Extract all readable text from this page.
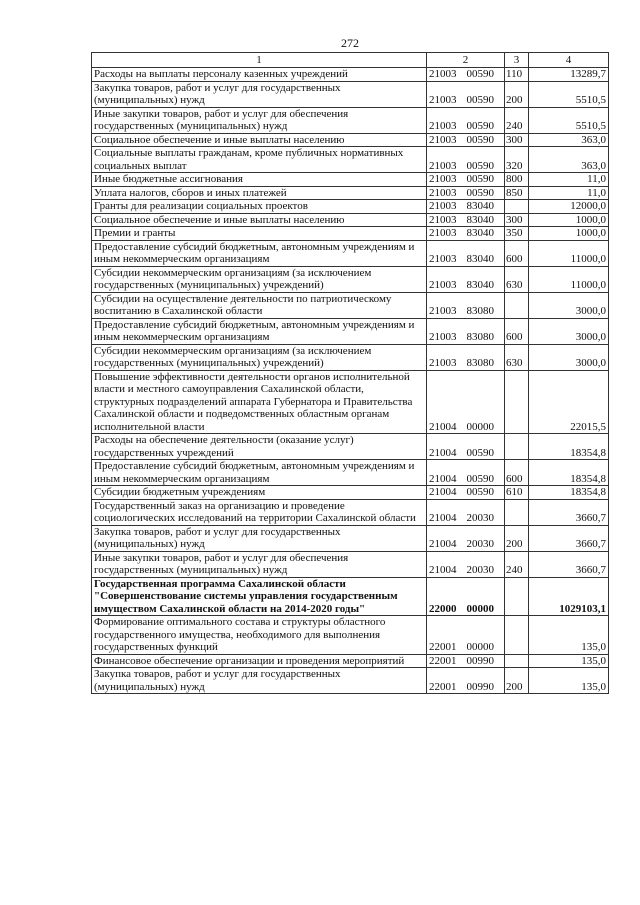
272
1	2	3	4
Расходы на выплаты персоналу казенных учреждений	21003 00590	110	13289,7
Закупка товаров, работ и услуг для государственных (муниципальных) нужд	21003 00590	200	5510,5
Иные закупки товаров, работ и услуг для обеспечения государственных (муниципальных) нужд	21003 00590	240	5510,5
Социальное обеспечение и иные выплаты населению	21003 00590	300	363,0
Социальные выплаты гражданам, кроме публичных нормативных социальных выплат	21003 00590	320	363,0
Иные бюджетные ассигнования	21003 00590	800	11,0
Уплата налогов, сборов и иных платежей	21003 00590	850	11,0
Гранты для реализации социальных проектов	21003 83040		12000,0
Социальное обеспечение и иные выплаты населению	21003 83040	300	1000,0
Премии и гранты	21003 83040	350	1000,0
Предоставление субсидий бюджетным, автономным учреждениям и иным некоммерческим организациям	21003 83040	600	11000,0
Субсидии некоммерческим организациям (за исключением государственных (муниципальных) учреждений)	21003 83040	630	11000,0
Субсидии на осуществление деятельности по патриотическому воспитанию в Сахалинской области	21003 83080		3000,0
Предоставление субсидий бюджетным, автономным учреждениям и иным некоммерческим организациям	21003 83080	600	3000,0
Субсидии некоммерческим организациям (за исключением государственных (муниципальных) учреждений)	21003 83080	630	3000,0
Повышение эффективности деятельности органов исполнительной власти и местного самоуправления Сахалинской области, структурных подразделений аппарата Губернатора и Правительства Сахалинской области и подведомственных областным органам исполнительной власти	21004 00000		22015,5
Расходы на обеспечение деятельности (оказание услуг) государственных учреждений	21004 00590		18354,8
Предоставление субсидий бюджетным, автономным учреждениям и иным некоммерческим организациям	21004 00590	600	18354,8
Субсидии бюджетным учреждениям	21004 00590	610	18354,8
Государственный заказ на организацию и проведение социологических исследований на территории Сахалинской области	21004 20030		3660,7
Закупка товаров, работ и услуг для государственных (муниципальных) нужд	21004 20030	200	3660,7
Иные закупки товаров, работ и услуг для обеспечения государственных (муниципальных) нужд	21004 20030	240	3660,7
Государственная программа Сахалинской области "Совершенствование системы управления государственным имуществом Сахалинской области на 2014-2020 годы"	22000 00000		1029103,1
Формирование оптимального состава и структуры областного государственного имущества, необходимого для выполнения государственных функций	22001 00000		135,0
Финансовое обеспечение организации и проведения мероприятий	22001 00990		135,0
Закупка товаров, работ и услуг для государственных (муниципальных) нужд	22001 00990	200	135,0
